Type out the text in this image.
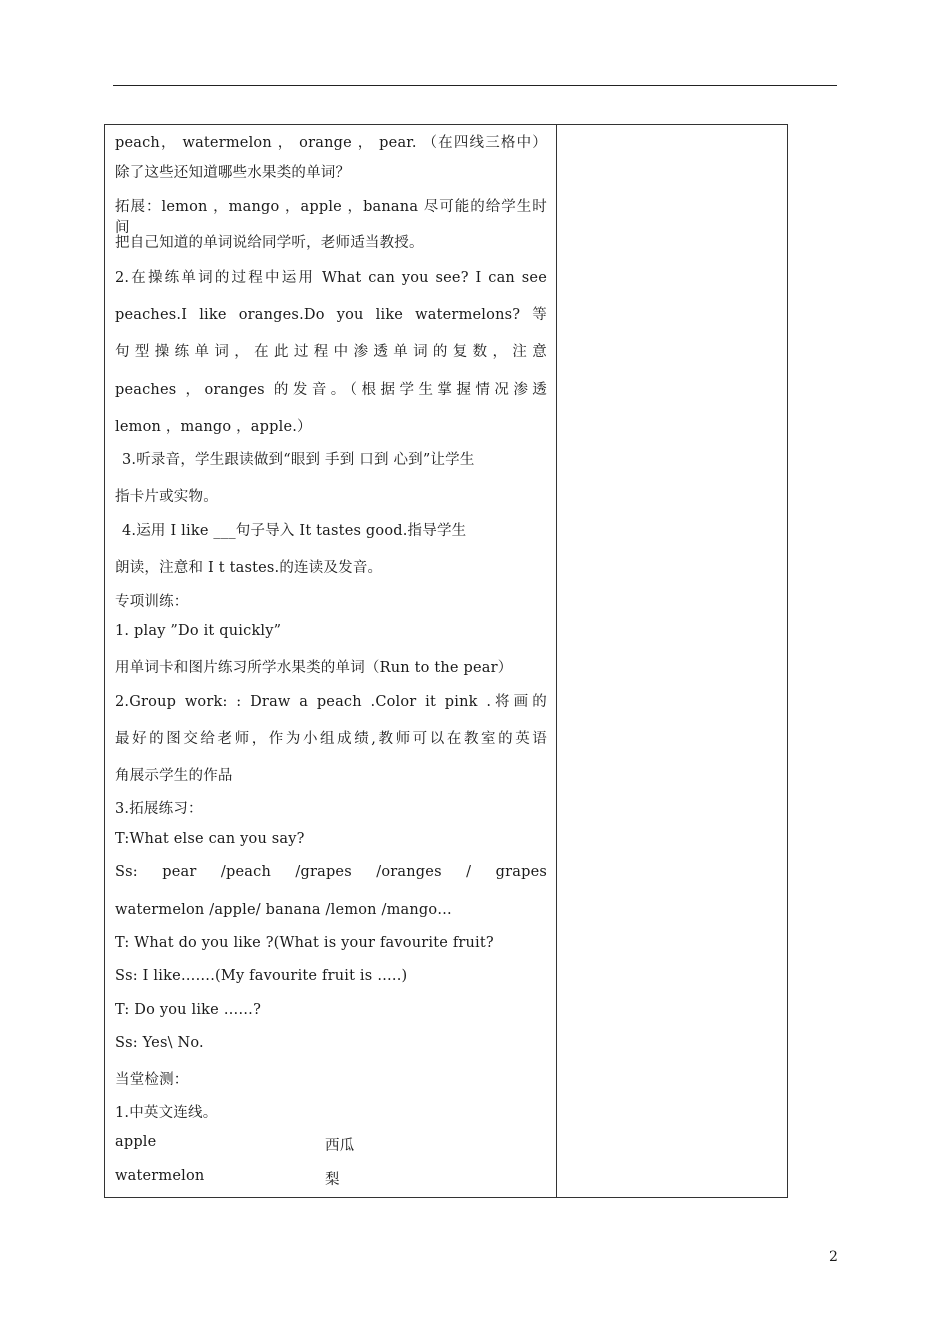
peach， watermelon ， orange ， pear. （在四线三格中）
除了这些还知道哪些水果类的单词？
拓展：lemon ，mango ，apple ，banana 尽可能的给学生时间
把自己知道的单词说给同学听，老师适当教授。
2.在操练单词的过程中运用 What can you see? I can see
peaches.I like oranges.Do you like watermelons? 等
句型操练单词，在此过程中渗透单词的复数，注意
peaches ，oranges 的发音。（根据学生掌握情况渗透
lemon ，mango ，apple.）
3.听录音，学生跟读做到“眼到 手到 口到 心到”让学生
指卡片或实物。
4.运用 I like ___句子导入 It tastes good.指导学生
朗读，注意和 I t tastes.的连读及发音。
专项训练：
1. play ”Do it quickly”
用单词卡和图片练习所学水果类的单词（Run to the pear）
2.Group work: : Draw a peach .Color it pink .将画的
最好的图交给老师，作为小组成绩,教师可以在教室的英语
角展示学生的作品
3.拓展练习：
T:What else can you say?
Ss: pear /peach /grapes /oranges / grapes
watermelon /apple/ banana /lemon /mango…
T: What do you like ?(What is your favourite fruit?
Ss: I like…….(My favourite fruit is …..)
T: Do you like ……?
Ss: Yes\ No.
当堂检测：
1.中英文连线。
apple	西瓜
watermelon	梨
2
